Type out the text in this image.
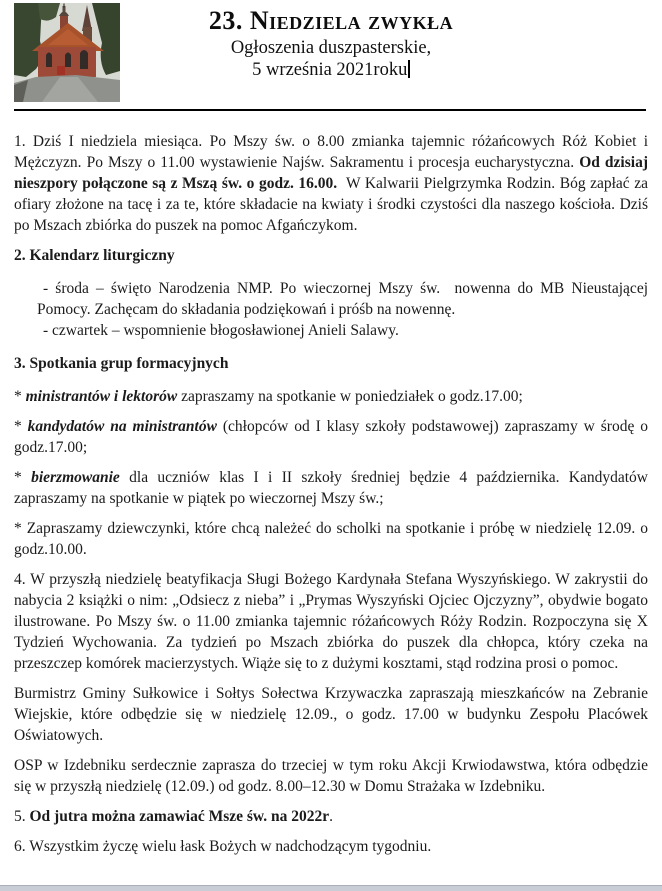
23. Niedziela zwykła
Ogłoszenia duszpasterskie,
5 września 2021roku

1. Dziś I niedziela miesiąca. Po Mszy św. o 8.00 zmianka tajemnic różańcowych Róż Kobiet i Mężczyzn. Po Mszy o 11.00 wystawienie Najśw. Sakramentu i procesja eucharystyczna. Od dzisiaj nieszpory połączone są z Mszą św. o godz. 16.00.  W Kalwarii Pielgrzymka Rodzin. Bóg zapłać za ofiary złożone na tacę i za te, które składacie na kwiaty i środki czystości dla naszego kościoła. Dziś po Mszach zbiórka do puszek na pomoc Afgańczykom.

2. Kalendarz liturgiczny

- środa – święto Narodzenia NMP. Po wieczornej Mszy św.  nowenna do MB Nieustającej Pomocy. Zachęcam do składania podziękowań i próśb na nowennę.

- czwartek – wspomnienie błogosławionej Anieli Salawy.

3. Spotkania grup formacyjnych

* ministrantów i lektorów zapraszamy na spotkanie w poniedziałek o godz.17.00;

* kandydatów na ministrantów (chłopców od I klasy szkoły podstawowej) zapraszamy w środę o godz.17.00;

* bierzmowanie dla uczniów klas I i II szkoły średniej będzie 4 października. Kandydatów zapraszamy na spotkanie w piątek po wieczornej Mszy św.;

* Zapraszamy dziewczynki, które chcą należeć do scholki na spotkanie i próbę w niedzielę 12.09. o godz.10.00.

4. W przyszłą niedzielę beatyfikacja Sługi Bożego Kardynała Stefana Wyszyńskiego. W zakrystii do nabycia 2 książki o nim: „Odsiecz z nieba” i „Prymas Wyszyński Ojciec Ojczyzny”, obydwie bogato ilustrowane. Po Mszy św. o 11.00 zmianka tajemnic różańcowych Róży Rodzin. Rozpoczyna się X Tydzień Wychowania. Za tydzień po Mszach zbiórka do puszek dla chłopca, który czeka na przeszczep komórek macierzystych. Wiąże się to z dużymi kosztami, stąd rodzina prosi o pomoc.

Burmistrz Gminy Sułkowice i Sołtys Sołectwa Krzywaczka zapraszają mieszkańców na Zebranie Wiejskie, które odbędzie się w niedzielę 12.09., o godz. 17.00 w budynku Zespołu Placówek Oświatowych.

OSP w Izdebniku serdecznie zaprasza do trzeciej w tym roku Akcji Krwiodawstwa, która odbędzie się w przyszłą niedzielę (12.09.) od godz. 8.00–12.30 w Domu Strażaka w Izdebniku.

5. Od jutra można zamawiać Msze św. na 2022r.

6. Wszystkim życzę wielu łask Bożych w nadchodzącym tygodniu.
